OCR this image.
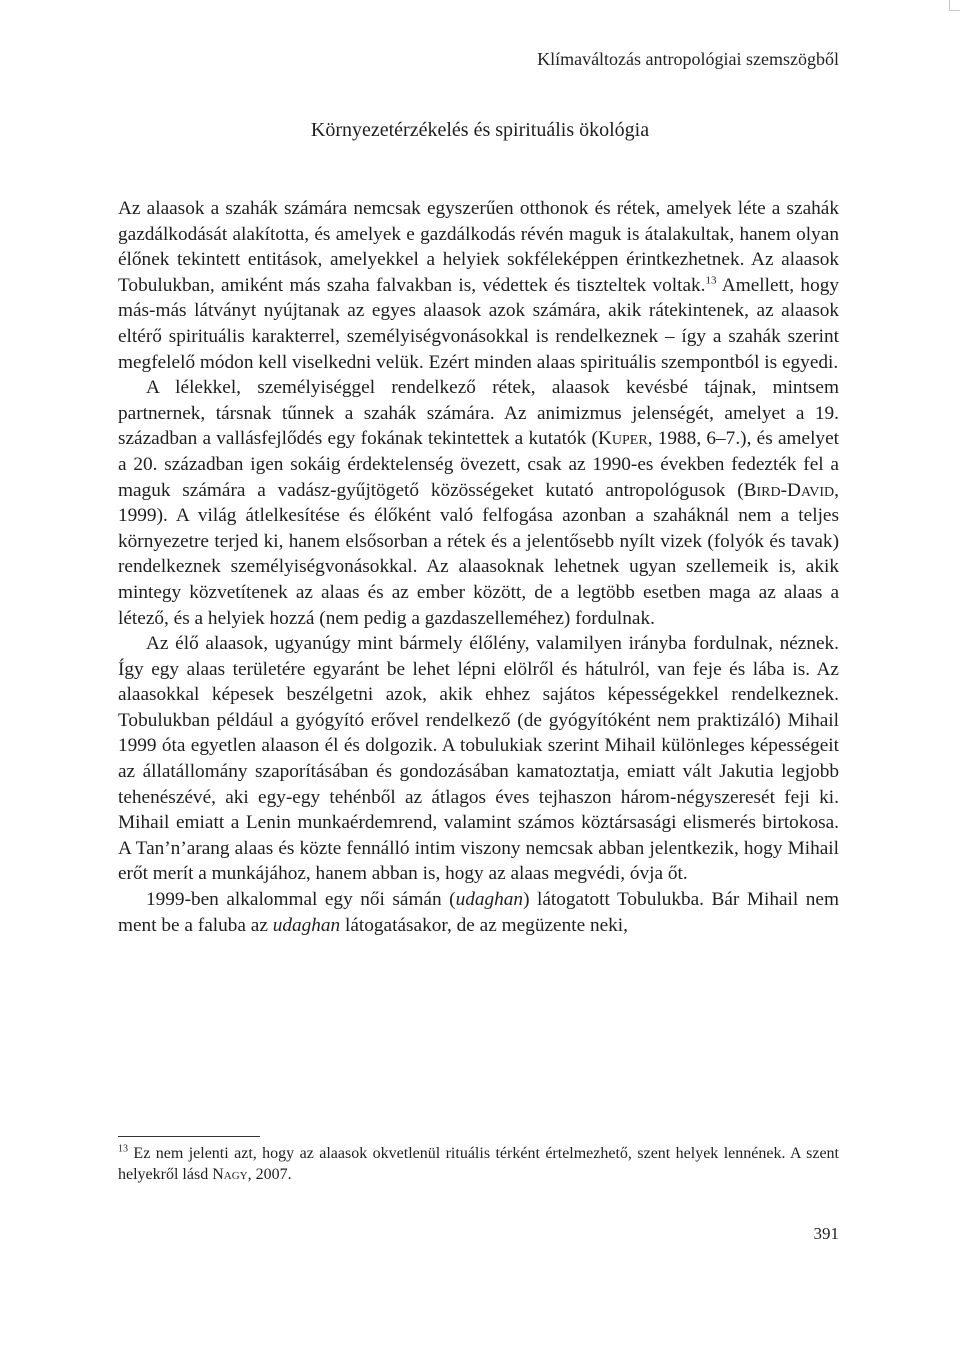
Klímaváltozás antropológiai szemszögből
Környezetérzékelés és spirituális ökológia

Az alaasok a szahák számára nemcsak egyszerűen otthonok és rétek, amelyek léte a szahák gazdálkodását alakította, és amelyek e gazdálkodás révén maguk is átalakultak, hanem olyan élőnek tekintett entitások, amelyekkel a helyiek sokféleképpen érintkezhetnek. Az alaasok Tobulukban, amiként más szaha falvakban is, védettek és tiszteltek voltak.$^{13}$ Amellett, hogy más-más látványt nyújtanak az egyes alaasok azok számára, akik rátekintenek, az alaasok eltérő spirituális karakterrel, személyiségvonásokkal is rendelkeznek – így a szahák szerint megfelelő módon kell viselkedni velük. Ezért minden alaas spirituális szempontból is egyedi.

A lélekkel, személyiséggel rendelkező rétek, alaasok kevésbé tájnak, mintsem partnernek, társnak tűnnek a szahák számára. Az animizmus jelenségét, amelyet a 19. században a vallásfejlődés egy fokának tekintettek a kutatók (Kuper, 1988, 6–7.), és amelyet a 20. században igen sokáig érdektelenség övezett, csak az 1990-es években fedezték fel a maguk számára a vadász-gyűjtögető közösségeket kutató antropológusok (Bird-David, 1999). A világ átlelkesítése és élőként való felfogása azonban a szaháknál nem a teljes környezetre terjed ki, hanem elsősorban a rétek és a jelentősebb nyílt vizek (folyók és tavak) rendelkeznek személyiségvonásokkal. Az alaasoknak lehetnek ugyan szellemeik is, akik mintegy közvetítenek az alaas és az ember között, de a legtöbb esetben maga az alaas a létező, és a helyiek hozzá (nem pedig a gazdaszelleméhez) fordulnak.

Az élő alaasok, ugyanúgy mint bármely élőlény, valamilyen irányba fordulnak, néznek. Így egy alaas területére egyaránt be lehet lépni elölről és hátulról, van feje és lába is. Az alaasokkal képesek beszélgetni azok, akik ehhez sajátos képességekkel rendelkeznek. Tobulukban például a gyógyító erővel rendelkező (de gyógyítóként nem praktizáló) Mihail 1999 óta egyetlen alaason él és dolgozik. A tobulukiak szerint Mihail különleges képességeit az állatállomány szaporításában és gondozásában kamatoztatja, emiatt vált Jakutia legjobb tehenészévé, aki egy-egy tehénből az átlagos éves tejhaszon három-négyszeresét feji ki. Mihail emiatt a Lenin munkaérdemrend, valamint számos köztársasági elismerés birtokosa. A Tan’n’arang alaas és közte fennálló intim viszony nemcsak abban jelentkezik, hogy Mihail erőt merít a munkájához, hanem abban is, hogy az alaas megvédi, óvja őt.

1999-ben alkalommal egy női sámán (udaghan) látogatott Tobulukba. Bár Mihail nem ment be a faluba az udaghan látogatásakor, de az megüzente neki,

$^{13}$ Ez nem jelenti azt, hogy az alaasok okvetlenül rituális térként értelmezhető, szent helyek lennének. A szent helyekről lásd Nagy, 2007.
391
